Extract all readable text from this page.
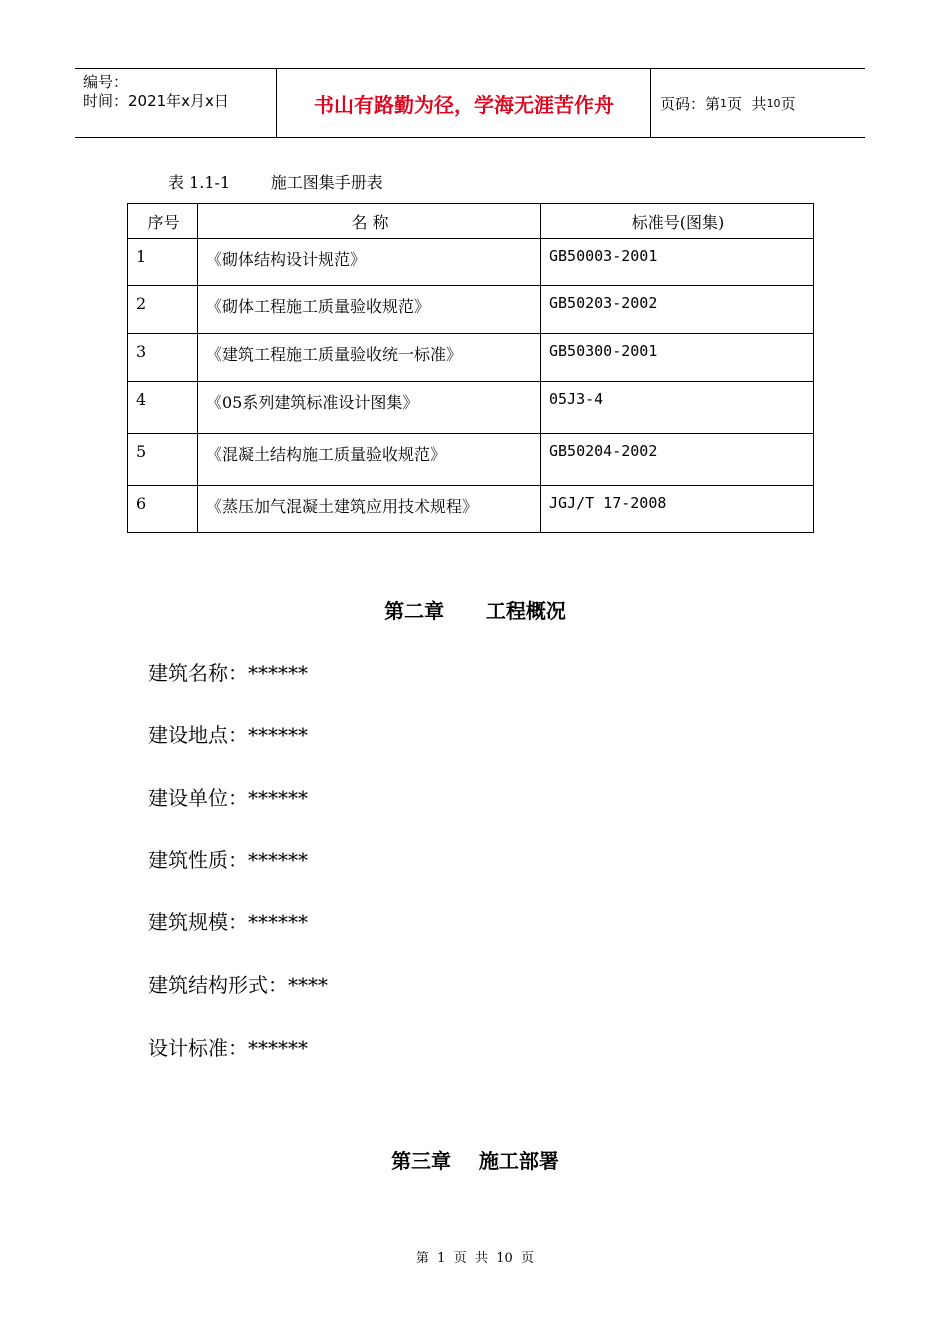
编号：
时间：2021年x月x日	书山有路勤为径，学海无涯苦作舟	页码：第 1 页  共 10 页
表 1.1-1        施工图集手册表
序号	名 称	标准号(图集)
1	《砌体结构设计规范》	GB50003-2001
2	《砌体工程施工质量验收规范》	GB50203-2002
3	《建筑工程施工质量验收统一标准》	GB50300-2001
4	《05系列建筑标准设计图集》	05J3-4
5	《混凝土结构施工质量验收规范》	GB50204-2002
6	《蒸压加气混凝土建筑应用技术规程》	JGJ/T 17-2008
第二章      工程概况
建筑名称：******
建设地点：******
建设单位：******
建筑性质：******
建筑规模：******
建筑结构形式：****
设计标准：******
第三章    施工部署
第  1  页  共  10  页
